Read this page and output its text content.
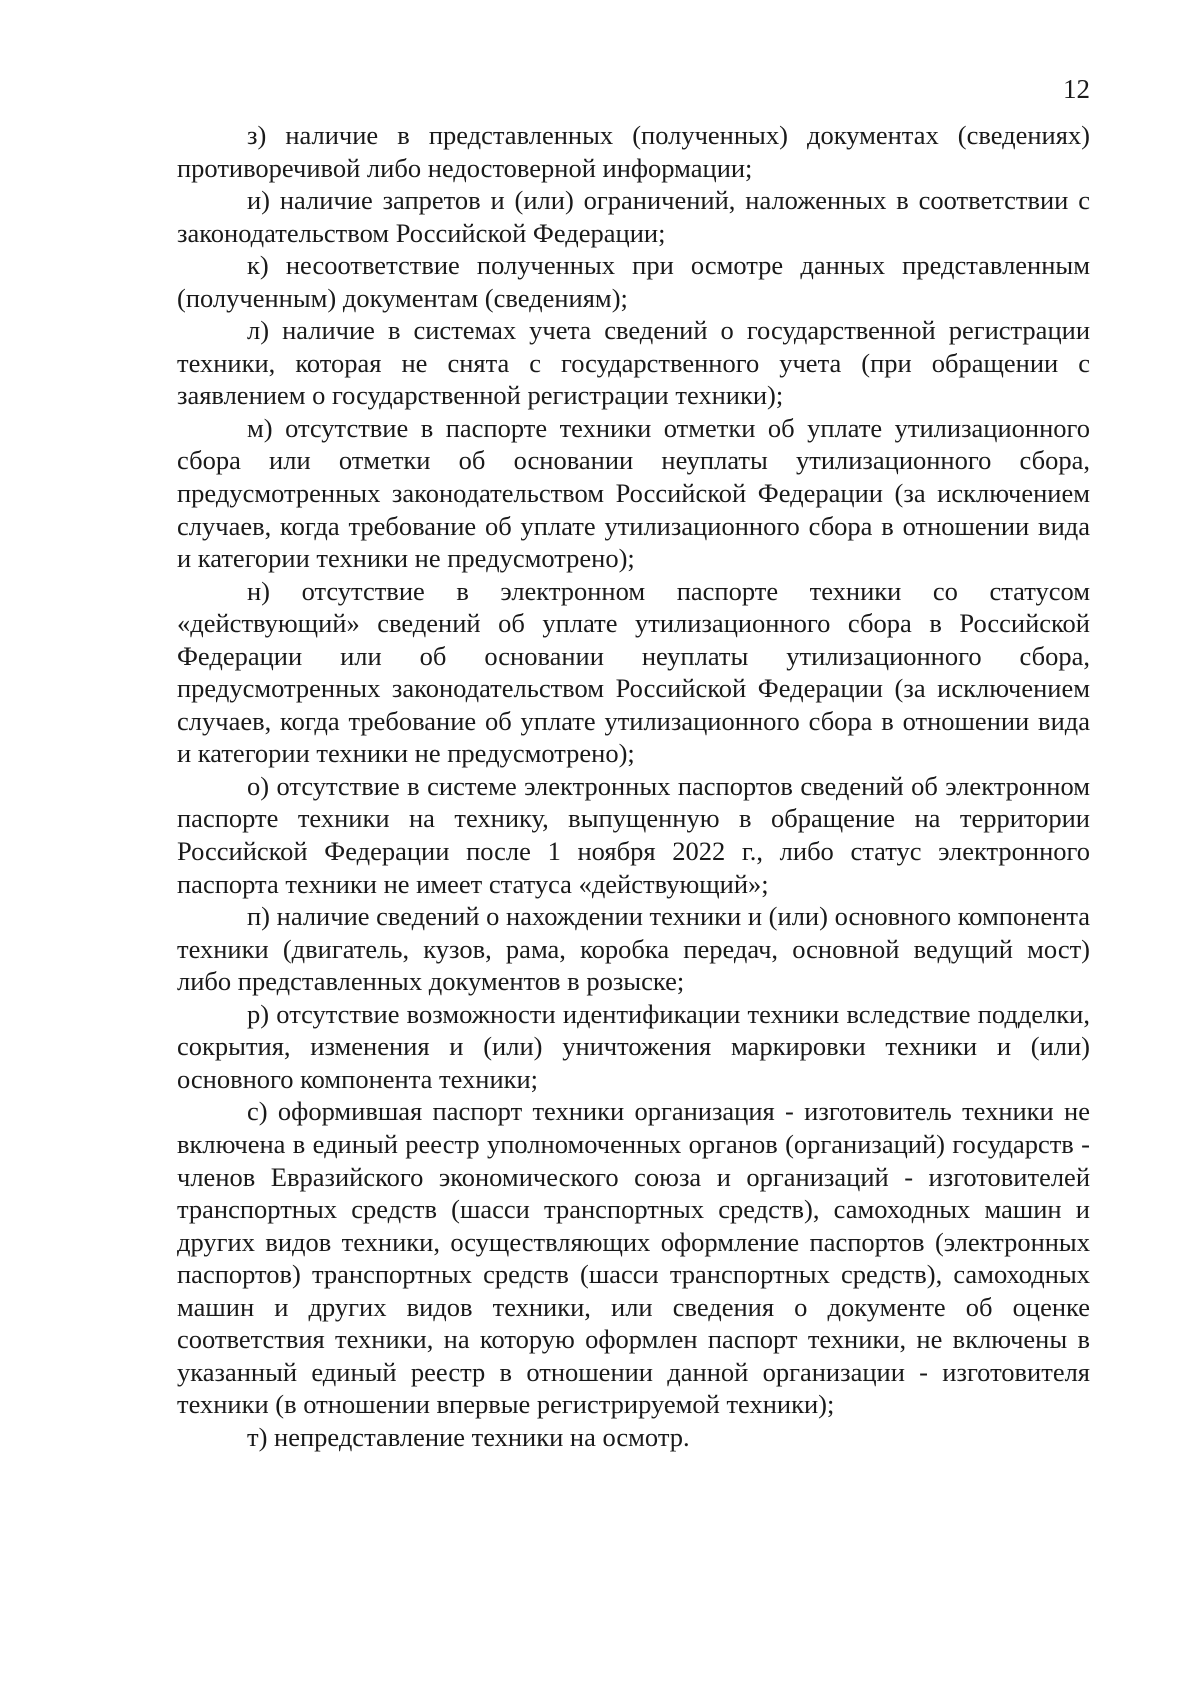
12

з) наличие в представленных (полученных) документах (сведениях) противоречивой либо недостоверной информации;

и) наличие запретов и (или) ограничений, наложенных в соответствии с законодательством Российской Федерации;

к) несоответствие полученных при осмотре данных представленным (полученным) документам (сведениям);

л) наличие в системах учета сведений о государственной регистрации техники, которая не снята с государственного учета (при обращении с заявлением о государственной регистрации техники);

м) отсутствие в паспорте техники отметки об уплате утилизационного сбора или отметки об основании неуплаты утилизационного сбора, предусмотренных законодательством Российской Федерации (за исключением случаев, когда требование об уплате утилизационного сбора в отношении вида и категории техники не предусмотрено);

н) отсутствие в электронном паспорте техники со статусом «действующий» сведений об уплате утилизационного сбора в Российской Федерации или об основании неуплаты утилизационного сбора, предусмотренных законодательством Российской Федерации (за исключением случаев, когда требование об уплате утилизационного сбора в отношении вида и категории техники не предусмотрено);

о) отсутствие в системе электронных паспортов сведений об электронном паспорте техники на технику, выпущенную в обращение на территории Российской Федерации после 1 ноября 2022 г., либо статус электронного паспорта техники не имеет статуса «действующий»;

п) наличие сведений о нахождении техники и (или) основного компонента техники (двигатель, кузов, рама, коробка передач, основной ведущий мост) либо представленных документов в розыске;

р) отсутствие возможности идентификации техники вследствие подделки, сокрытия, изменения и (или) уничтожения маркировки техники и (или) основного компонента техники;

с) оформившая паспорт техники организация - изготовитель техники не включена в единый реестр уполномоченных органов (организаций) государств - членов Евразийского экономического союза и организаций - изготовителей транспортных средств (шасси транспортных средств), самоходных машин и других видов техники, осуществляющих оформление паспортов (электронных паспортов) транспортных средств (шасси транспортных средств), самоходных машин и других видов техники, или сведения о документе об оценке соответствия техники, на которую оформлен паспорт техники, не включены в указанный единый реестр в отношении данной организации - изготовителя техники (в отношении впервые регистрируемой техники);

т) непредставление техники на осмотр.
